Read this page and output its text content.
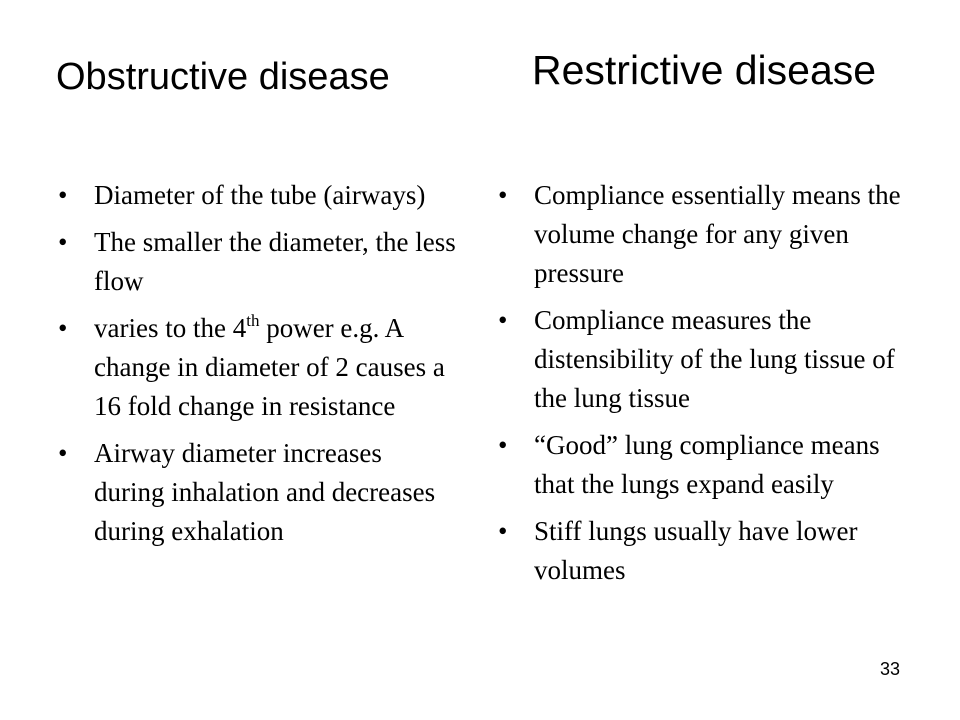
Obstructive disease	Restrictive disease
• Diameter of the tube (airways)
• The smaller the diameter, the less flow
• varies to the 4th power e.g. A change in diameter of 2 causes a 16 fold change in resistance
• Airway diameter increases during inhalation and decreases during exhalation
• Compliance essentially means the volume change for any given pressure
• Compliance measures the distensibility of the lung tissue of the lung tissue
• “Good” lung compliance means that the lungs expand easily
• Stiff lungs usually have lower volumes
33
